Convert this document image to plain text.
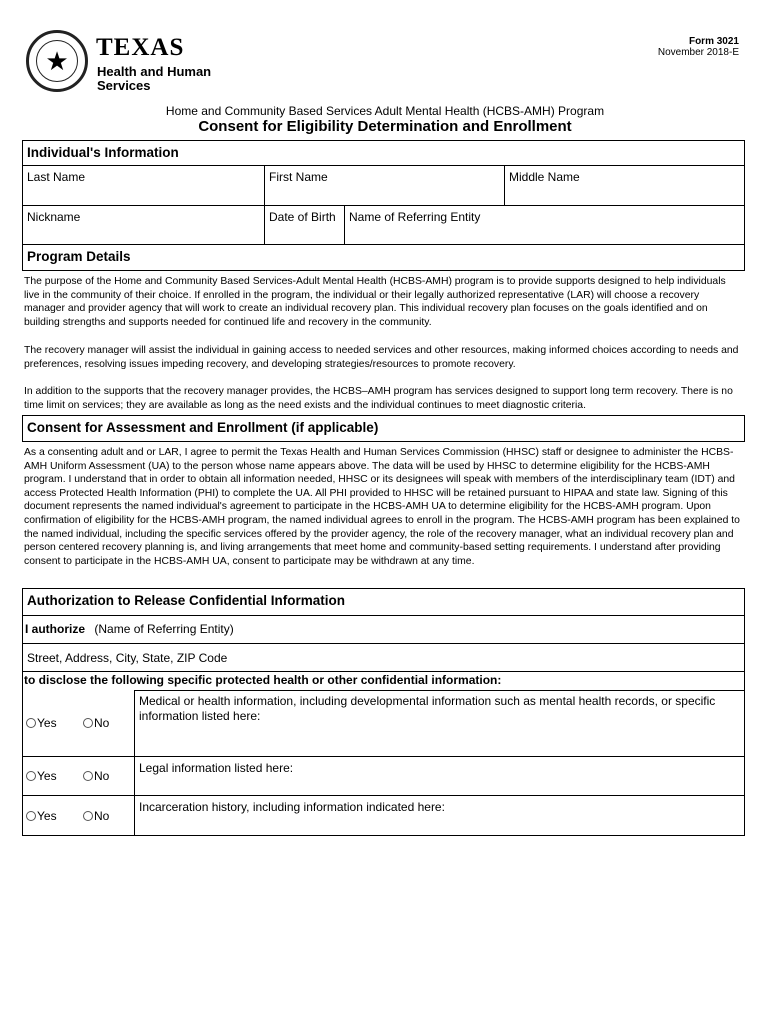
★	TEXAS
Health and Human
Services
Form 3021
November 2018-E
Home and Community Based Services Adult Mental Health (HCBS-AMH) Program
Consent for Eligibility Determination and Enrollment
Individual's Information
Last Name	First Name	Middle Name
Nickname	Date of Birth	Name of Referring Entity
Program Details
The purpose of the Home and Community Based Services-Adult Mental Health (HCBS-AMH) program is to provide supports designed to help individuals live in the community of their choice. If enrolled in the program, the individual or their legally authorized representative (LAR) will choose a recovery manager and provider agency that will work to create an individual recovery plan. This individual recovery plan focuses on the goals identified and on building strengths and supports needed for continued life and recovery in the community.
The recovery manager will assist the individual in gaining access to needed services and other resources, making informed choices according to needs and preferences, resolving issues impeding recovery, and developing strategies/resources to promote recovery.
In addition to the supports that the recovery manager provides, the HCBS–AMH program has services designed to support long term recovery. There is no time limit on services; they are available as long as the need exists and the individual continues to meet diagnostic criteria.
Consent for Assessment and Enrollment (if applicable)
As a consenting adult and or LAR, I agree to permit the Texas Health and Human Services Commission (HHSC) staff or designee to administer the HCBS-AMH Uniform Assessment (UA) to the person whose name appears above. The data will be used by HHSC to determine eligibility for the HCBS-AMH program. I understand that in order to obtain all information needed, HHSC or its designees will speak with members of the interdisciplinary team (IDT) and access Protected Health Information (PHI) to complete the UA. All PHI provided to HHSC will be retained pursuant to HIPAA and state law. Signing of this document represents the named individual's agreement to participate in the HCBS-AMH UA to determine eligibility for the HCBS-AMH program. Upon confirmation of eligibility for the HCBS-AMH program, the named individual agrees to enroll in the program. The HCBS-AMH program has been explained to the named individual, including the specific services offered by the provider agency, the role of the recovery manager, what an individual recovery plan and person centered recovery planning is, and living arrangements that meet home and community-based setting requirements. I understand after providing consent to participate in the HCBS-AMH UA, consent to participate may be withdrawn at any time.
Authorization to Release Confidential Information
I authorize (Name of Referring Entity)
Street, Address, City, State, ZIP Code
to disclose the following specific protected health or other confidential information:
Yes	No
Medical or health information, including developmental information such as mental health records, or specific information listed here:
Yes	No
Legal information listed here:
Yes	No
Incarceration history, including information indicated here:
